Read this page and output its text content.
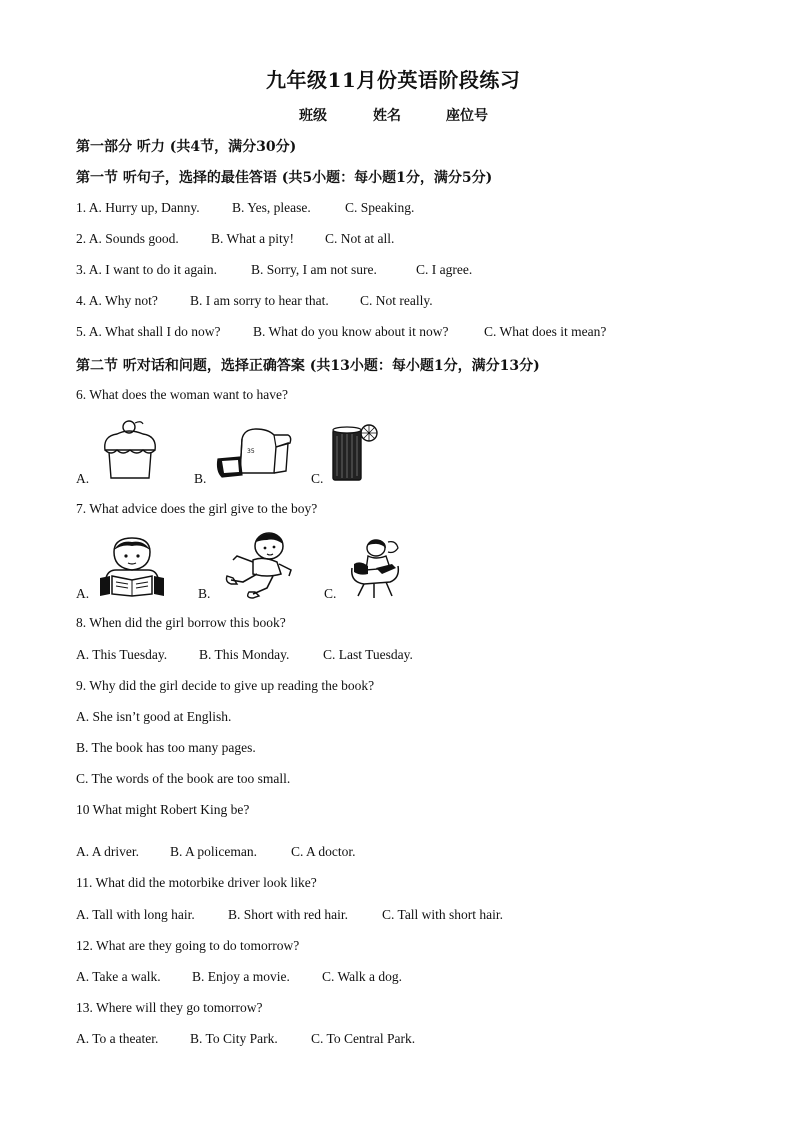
九年级11月份英语阶段练习
班级	姓名	座位号
第一部分 听力 (共4节，满分30分)
第一节 听句子，选择的最佳答语 (共5小题：每小题1分，满分5分)
1. A. Hurry up, Danny. B. Yes, please.	C. Speaking.
2. A. Sounds good. B. What a pity! C. Not at all.
3. A. I want to do it again.	B. Sorry, I am not sure.	C. I agree.
4. A. Why not? B. I am sorry to hear that. C. Not really.
5. A. What shall I do now? B. What do you know about it now?	C. What does it mean?
第二节 听对话和问题，选择正确答案 (共13小题：每小题1分，满分13分)
6. What does the woman want to have?
A.	B.
35
C.
7. What advice does the girl give to the boy?
A.	B.	C.
8. When did the girl borrow this book?
A. This Tuesday. B. This Monday. C. Last Tuesday.
9. Why did the girl decide to give up reading the book?
A. She isn’t good at English.
B. The book has too many pages.
C. The words of the book are too small.
10 What might Robert King be?
A. A driver. B. A policeman.	C. A doctor.
11. What did the motorbike driver look like?
A. Tall with long hair. B. Short with red hair.	C. Tall with short hair.
12. What are they going to do tomorrow?
A. Take a walk. B. Enjoy a movie. C. Walk a dog.
13. Where will they go tomorrow?
A. To a theater. B. To City Park. C. To Central Park.
